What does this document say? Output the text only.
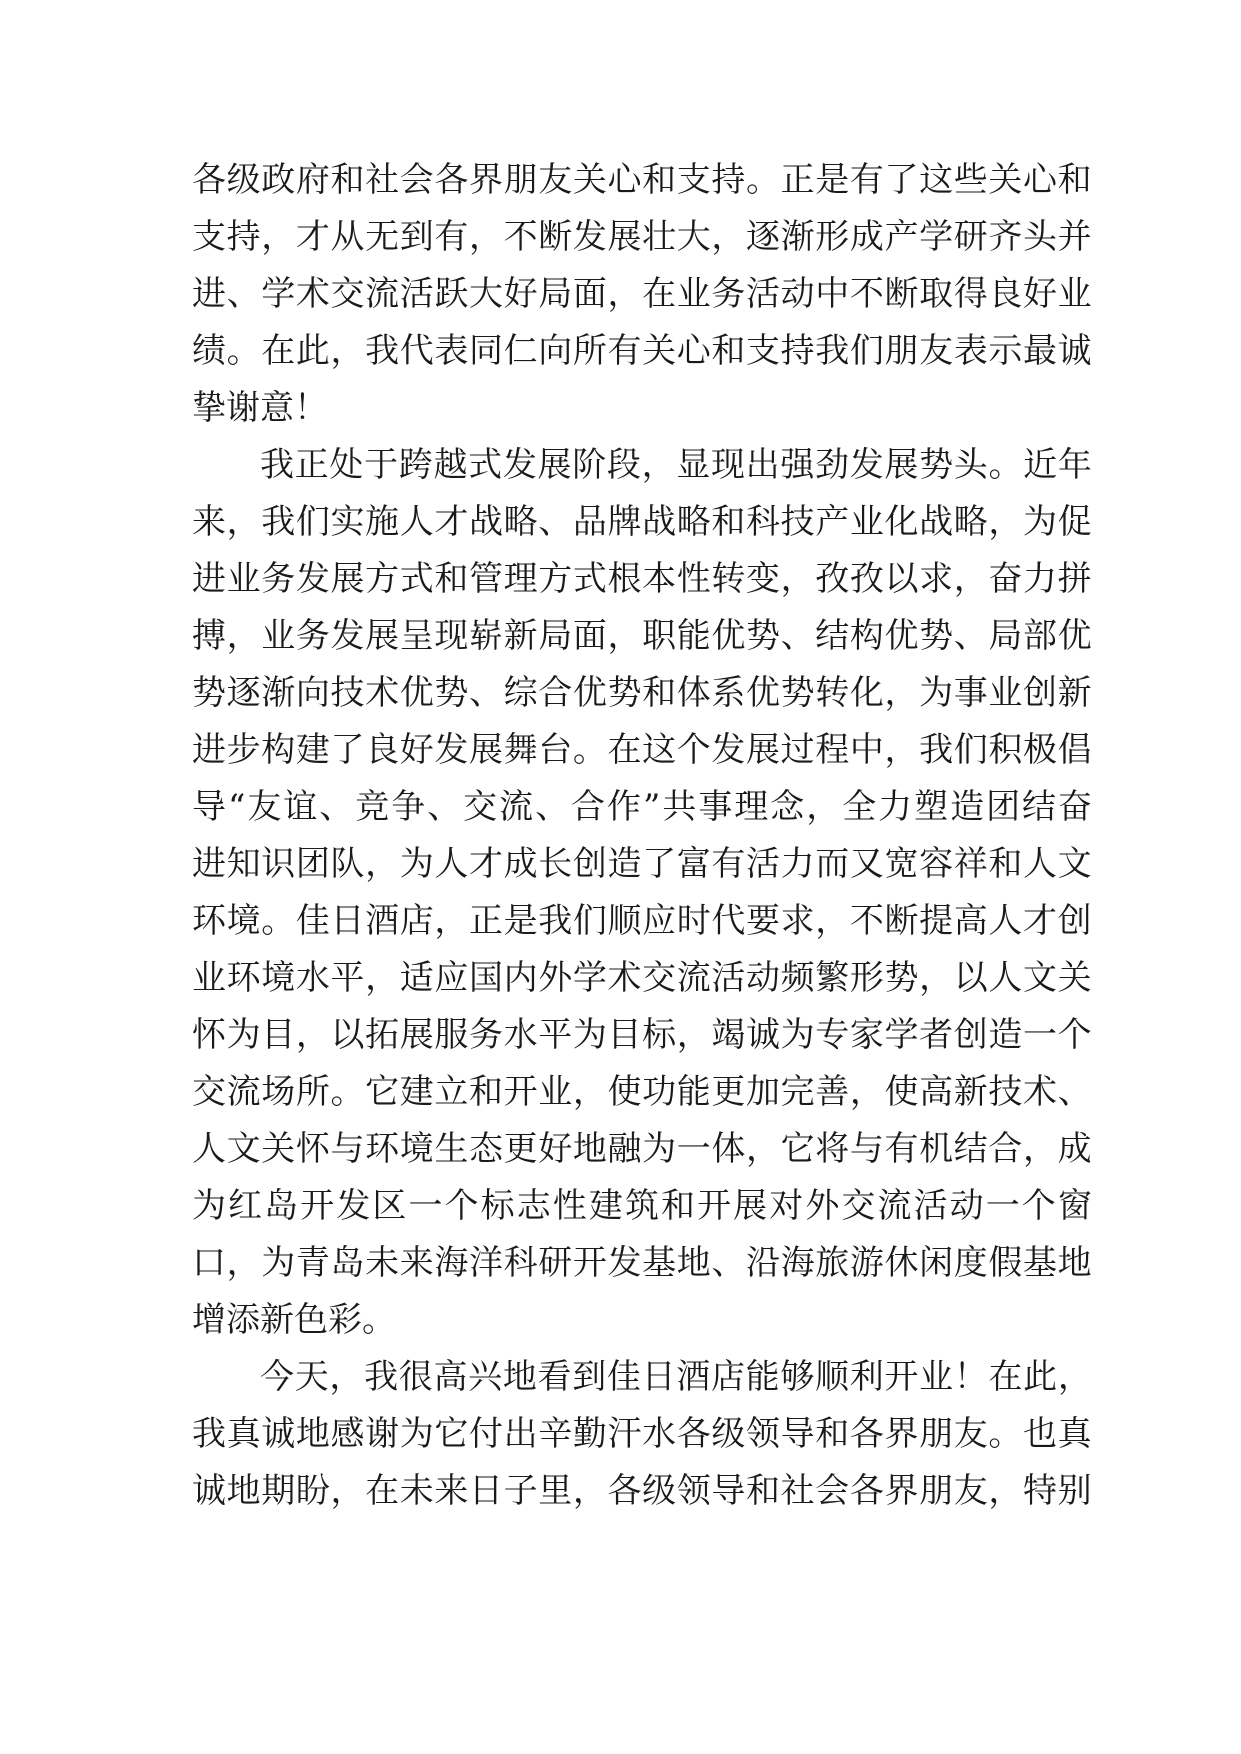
各 级 政 府 和 社 会 各 界 朋 友 关 心 和 支 持 。 正 是 有 了 这 些 关 心 和
支 持 ， 才 从 无 到 有 ， 不 断 发 展 壮 大 ， 逐 渐 形 成 产 学 研 齐 头 并
进 、 学 术 交 流 活 跃 大 好 局 面 ， 在 业 务 活 动 中 不 断 取 得 良 好 业
绩 。 在 此 ， 我 代 表 同 仁 向 所 有 关 心 和 支 持 我 们 朋 友 表 示 最 诚
挚谢意！
我 正 处 于 跨 越 式 发 展 阶 段 ， 显 现 出 强 劲 发 展 势 头 。 近 年
来 ， 我 们 实 施 人 才 战 略 、 品 牌 战 略 和 科 技 产 业 化 战 略 ， 为 促
进 业 务 发 展 方 式 和 管 理 方 式 根 本 性 转 变 ， 孜 孜 以 求 ， 奋 力 拼
搏 ， 业 务 发 展 呈 现 崭 新 局 面 ， 职 能 优 势 、 结 构 优 势 、 局 部 优
势 逐 渐 向 技 术 优 势 、 综 合 优 势 和 体 系 优 势 转 化 ， 为 事 业 创 新
进 步 构 建 了 良 好 发 展 舞 台 。 在 这 个 发 展 过 程 中 ， 我 们 积 极 倡
导 “ 友 谊 、 竞 争 、 交 流 、 合 作 ” 共 事 理 念 ， 全 力 塑 造 团 结 奋
进 知 识 团 队 ， 为 人 才 成 长 创 造 了 富 有 活 力 而 又 宽 容 祥 和 人 文
环 境 。 佳 日 酒 店 ， 正 是 我 们 顺 应 时 代 要 求 ， 不 断 提 高 人 才 创
业 环 境 水 平 ， 适 应 国 内 外 学 术 交 流 活 动 频 繁 形 势 ， 以 人 文 关
怀 为 目 ， 以 拓 展 服 务 水 平 为 目 标 ， 竭 诚 为 专 家 学 者 创 造 一 个
交 流 场 所 。 它 建 立 和 开 业 ， 使 功 能 更 加 完 善 ， 使 高 新 技 术 、
人 文 关 怀 与 环 境 生 态 更 好 地 融 为 一 体 ， 它 将 与 有 机 结 合 ， 成
为 红 岛 开 发 区 一 个 标 志 性 建 筑 和 开 展 对 外 交 流 活 动 一 个 窗
口 ， 为 青 岛 未 来 海 洋 科 研 开 发 基 地 、 沿 海 旅 游 休 闲 度 假 基 地
增添新色彩。
今 天 ， 我 很 高 兴 地 看 到 佳 日 酒 店 能 够 顺 利 开 业 ！ 在 此 ，
我 真 诚 地 感 谢 为 它 付 出 辛 勤 汗 水 各 级 领 导 和 各 界 朋 友 。 也 真
诚 地 期 盼 ， 在 未 来 日 子 里 ， 各 级 领 导 和 社 会 各 界 朋 友 ， 特 别
